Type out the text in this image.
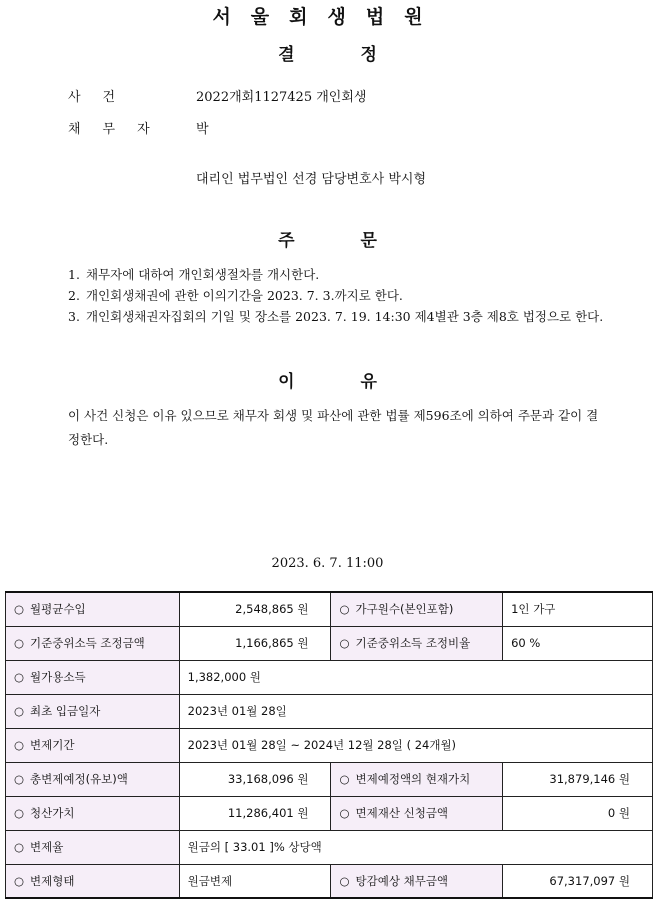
서울회생법원
결 정
사건	2022개회1127425 개인회생
채무자 박
대리인 법무법인 선경 담당변호사 박시형
주 문
1. 채무자에 대하여 개인회생절차를 개시한다.
2. 개인회생채권에 관한 이의기간을 2023. 7. 3.까지로 한다.
3. 개인회생채권자집회의 기일 및 장소를 2023. 7. 19. 14:30 제4별관 3층 제8호 법정으로 한다.
이 유
이 사건 신청은 이유 있으므로 채무자 회생 및 파산에 관한 법률 제596조에 의하여 주문과 같이 결정한다.
2023. 6. 7. 11:00
○ 월평균수입	2,548,865 원	○ 가구원수(본인포함)	1인 가구
○ 기준중위소득 조정금액	1,166,865 원	○ 기준중위소득 조정비율	60 %
○ 월가용소득	1,382,000 원		
○ 최초 입금일자	2023년 01월 28일		
○ 변제기간	2023년 01월 28일 ~ 2024년 12월 28일 ( 24개월)		
○ 총변제예정(유보)액	33,168,096 원	○ 변제예정액의 현재가치	31,879,146 원
○ 청산가치	11,286,401 원	○ 면제재산 신청금액	0 원
○ 변제율	원금의 [ 33.01 ]% 상당액		
○ 변제형태	원금변제	○ 탕감예상 채무금액	67,317,097 원
